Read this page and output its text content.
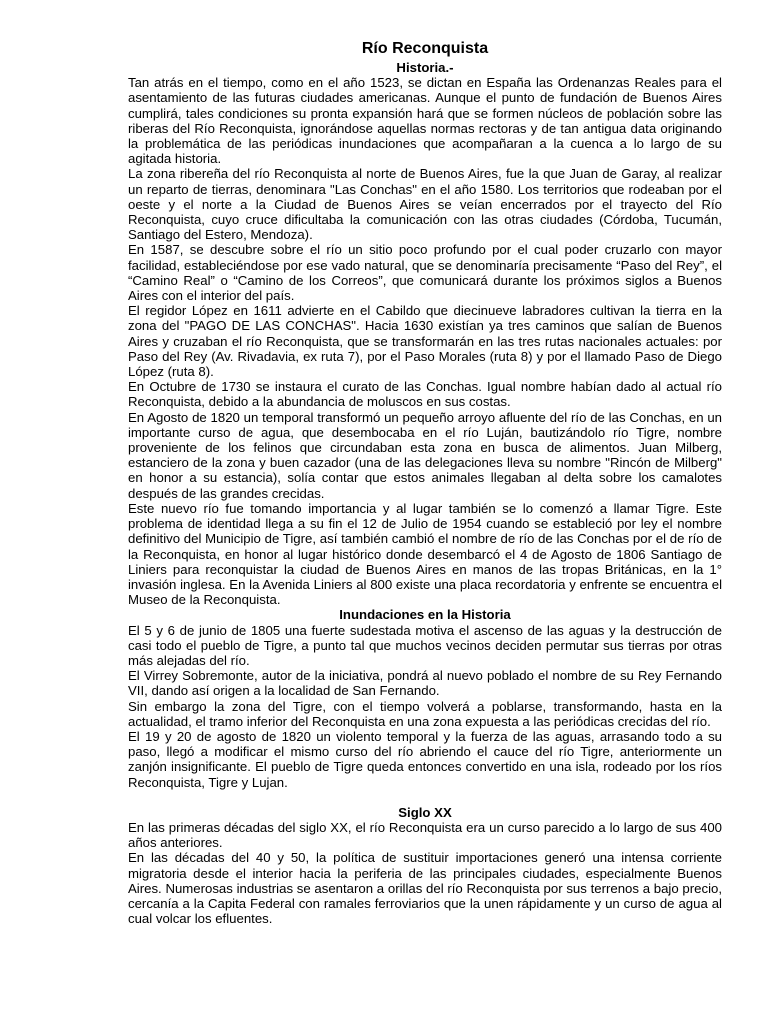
Río Reconquista
Historia.-

Tan atrás en el tiempo, como en el año 1523, se dictan en España las Ordenanzas Reales para el asentamiento de las futuras ciudades americanas. Aunque el punto de fundación de Buenos Aires cumplirá, tales condiciones su pronta expansión hará que se formen núcleos de población sobre las riberas del Río Reconquista, ignorándose aquellas normas rectoras y de tan antigua data originando la problemática de las periódicas inundaciones que acompañaran a la cuenca a lo largo de su agitada historia.

La zona ribereña del río Reconquista al norte de Buenos Aires, fue la que Juan de Garay, al realizar un reparto de tierras, denominara "Las Conchas" en el año 1580. Los territorios que rodeaban por el oeste y el norte a la Ciudad de Buenos Aires se veían encerrados por el trayecto del Río Reconquista, cuyo cruce dificultaba la comunicación con las otras ciudades (Córdoba, Tucumán, Santiago del Estero, Mendoza).

En 1587, se descubre sobre el río un sitio poco profundo por el cual poder cruzarlo con mayor facilidad, estableciéndose por ese vado natural, que se denominaría precisamente “Paso del Rey”, el “Camino Real” o “Camino de los Correos”, que comunicará durante los próximos siglos a Buenos Aires con el interior del país.

El regidor López en 1611 advierte en el Cabildo que diecinueve labradores cultivan la tierra en la zona del "PAGO DE LAS CONCHAS". Hacia 1630 existían ya tres caminos que salían de Buenos Aires y cruzaban el río Reconquista, que se transformarán en las tres rutas nacionales actuales: por Paso del Rey (Av. Rivadavia, ex ruta 7), por el Paso Morales (ruta 8) y por el llamado Paso de Diego López (ruta 8).

En Octubre de 1730 se instaura el curato de las Conchas. Igual nombre habían dado al actual río Reconquista, debido a la abundancia de moluscos en sus costas.

En Agosto de 1820 un temporal transformó un pequeño arroyo afluente del río de las Conchas, en un importante curso de agua, que desembocaba en el río Luján, bautizándolo río Tigre, nombre proveniente de los felinos que circundaban esta zona en busca de alimentos. Juan Milberg, estanciero de la zona y buen cazador (una de las delegaciones lleva su nombre "Rincón de Milberg" en honor a su estancia), solía contar que estos animales llegaban al delta sobre los camalotes después de las grandes crecidas.

Este nuevo río fue tomando importancia y al lugar también se lo comenzó a llamar Tigre. Este problema de identidad llega a su fin el 12 de Julio de 1954 cuando se estableció por ley el nombre definitivo del Municipio de Tigre, así también cambió el nombre de río de las Conchas por el de río de la Reconquista, en honor al lugar histórico donde desembarcó el 4 de Agosto de 1806 Santiago de Liniers para reconquistar la ciudad de Buenos Aires en manos de las tropas Británicas, en la 1° invasión inglesa. En la Avenida Liniers al 800 existe una placa recordatoria y enfrente se encuentra el Museo de la Reconquista.

Inundaciones en la Historia

El 5 y 6 de junio de 1805 una fuerte sudestada motiva el ascenso de las aguas y la destrucción de casi todo el pueblo de Tigre, a punto tal que muchos vecinos deciden permutar sus tierras por otras más alejadas del río.

El Virrey Sobremonte, autor de la iniciativa, pondrá al nuevo poblado el nombre de su Rey Fernando VII, dando así origen a la localidad de San Fernando.

Sin embargo la zona del Tigre, con el tiempo volverá a poblarse, transformando, hasta en la actualidad, el tramo inferior del Reconquista en una zona expuesta a las periódicas crecidas del río.

El 19 y 20 de agosto de 1820 un violento temporal y la fuerza de las aguas, arrasando todo a su paso, llegó a modificar el mismo curso del río abriendo el cauce del río Tigre, anteriormente un zanjón insignificante. El pueblo de Tigre queda entonces convertido en una isla, rodeado por los ríos Reconquista, Tigre y Lujan.

Siglo XX

En las primeras décadas del siglo XX, el río Reconquista era un curso parecido a lo largo de sus 400 años anteriores.

En las décadas del 40 y 50, la política de sustituir importaciones generó una intensa corriente migratoria desde el interior hacia la periferia de las principales ciudades, especialmente Buenos Aires. Numerosas industrias se asentaron a orillas del río Reconquista por sus terrenos a bajo precio, cercanía a la Capita Federal con ramales ferroviarios que la unen rápidamente y un curso de agua al cual volcar los efluentes.
